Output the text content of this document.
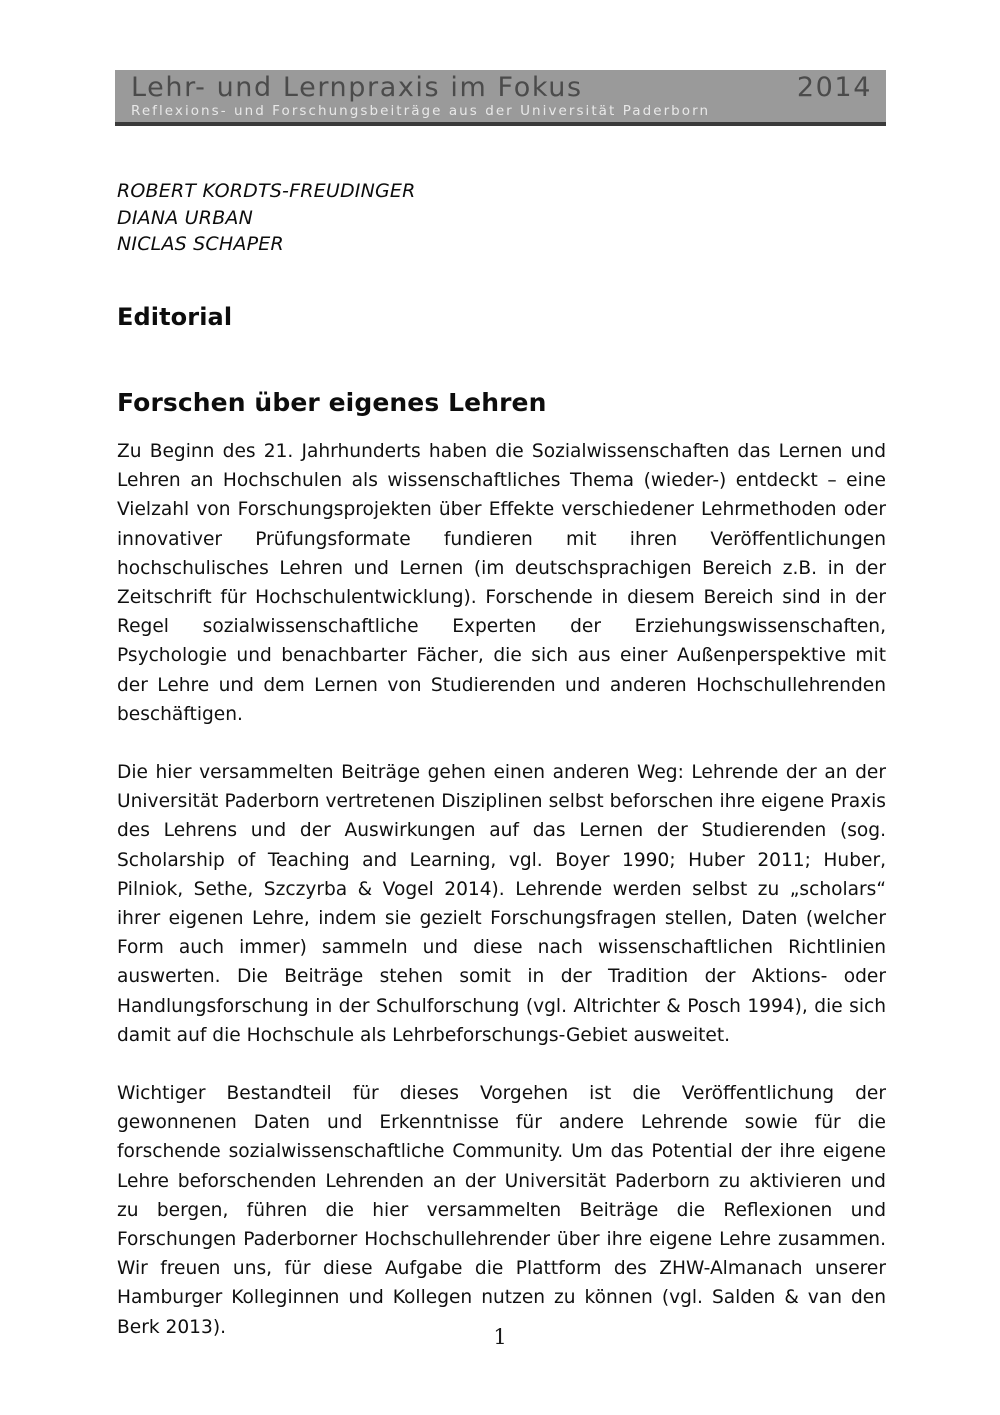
Lehr- und Lernpraxis im Fokus	2014
Reflexions- und Forschungsbeiträge aus der Universität Paderborn
ROBERT KORDTS-FREUDINGER
DIANA URBAN
NICLAS SCHAPER
Editorial
Forschen über eigenes Lehren

Zu Beginn des 21. Jahrhunderts haben die Sozialwissenschaften das Lernen und Lehren an Hochschulen als wissenschaftliches Thema (wieder-) entdeckt – eine Vielzahl von Forschungsprojekten über Effekte verschiedener Lehrmethoden oder innovativer Prüfungsformate fundieren mit ihren Veröffentlichungen hochschulisches Lehren und Lernen (im deutschsprachigen Bereich z.B. in der Zeitschrift für Hochschulentwicklung). Forschende in diesem Bereich sind in der Regel sozialwissenschaftliche Experten der Erziehungswissenschaften, Psychologie und benachbarter Fächer, die sich aus einer Außenperspektive mit der Lehre und dem Lernen von Studierenden und anderen Hochschullehrenden beschäftigen.

Die hier versammelten Beiträge gehen einen anderen Weg: Lehrende der an der Universität Paderborn vertretenen Disziplinen selbst beforschen ihre eigene Praxis des Lehrens und der Auswirkungen auf das Lernen der Studierenden (sog. Scholarship of Teaching and Learning, vgl. Boyer 1990; Huber 2011; Huber, Pilniok, Sethe, Szczyrba & Vogel 2014). Lehrende werden selbst zu „scholars“ ihrer eigenen Lehre, indem sie gezielt Forschungsfragen stellen, Daten (welcher Form auch immer) sammeln und diese nach wissenschaftlichen Richtlinien auswerten. Die Beiträge stehen somit in der Tradition der Aktions- oder Handlungsforschung in der Schulforschung (vgl. Altrichter & Posch 1994), die sich damit auf die Hochschule als Lehrbeforschungs-Gebiet ausweitet.

Wichtiger Bestandteil für dieses Vorgehen ist die Veröffentlichung der gewonnenen Daten und Erkenntnisse für andere Lehrende sowie für die forschende sozialwissenschaftliche Community. Um das Potential der ihre eigene Lehre beforschenden Lehrenden an der Universität Paderborn zu aktivieren und zu bergen, führen die hier versammelten Beiträge die Reflexionen und Forschungen Paderborner Hochschullehrender über ihre eigene Lehre zusammen. Wir freuen uns, für diese Aufgabe die Plattform des ZHW-Almanach unserer Hamburger Kolleginnen und Kollegen nutzen zu können (vgl. Salden & van den Berk 2013).	1
